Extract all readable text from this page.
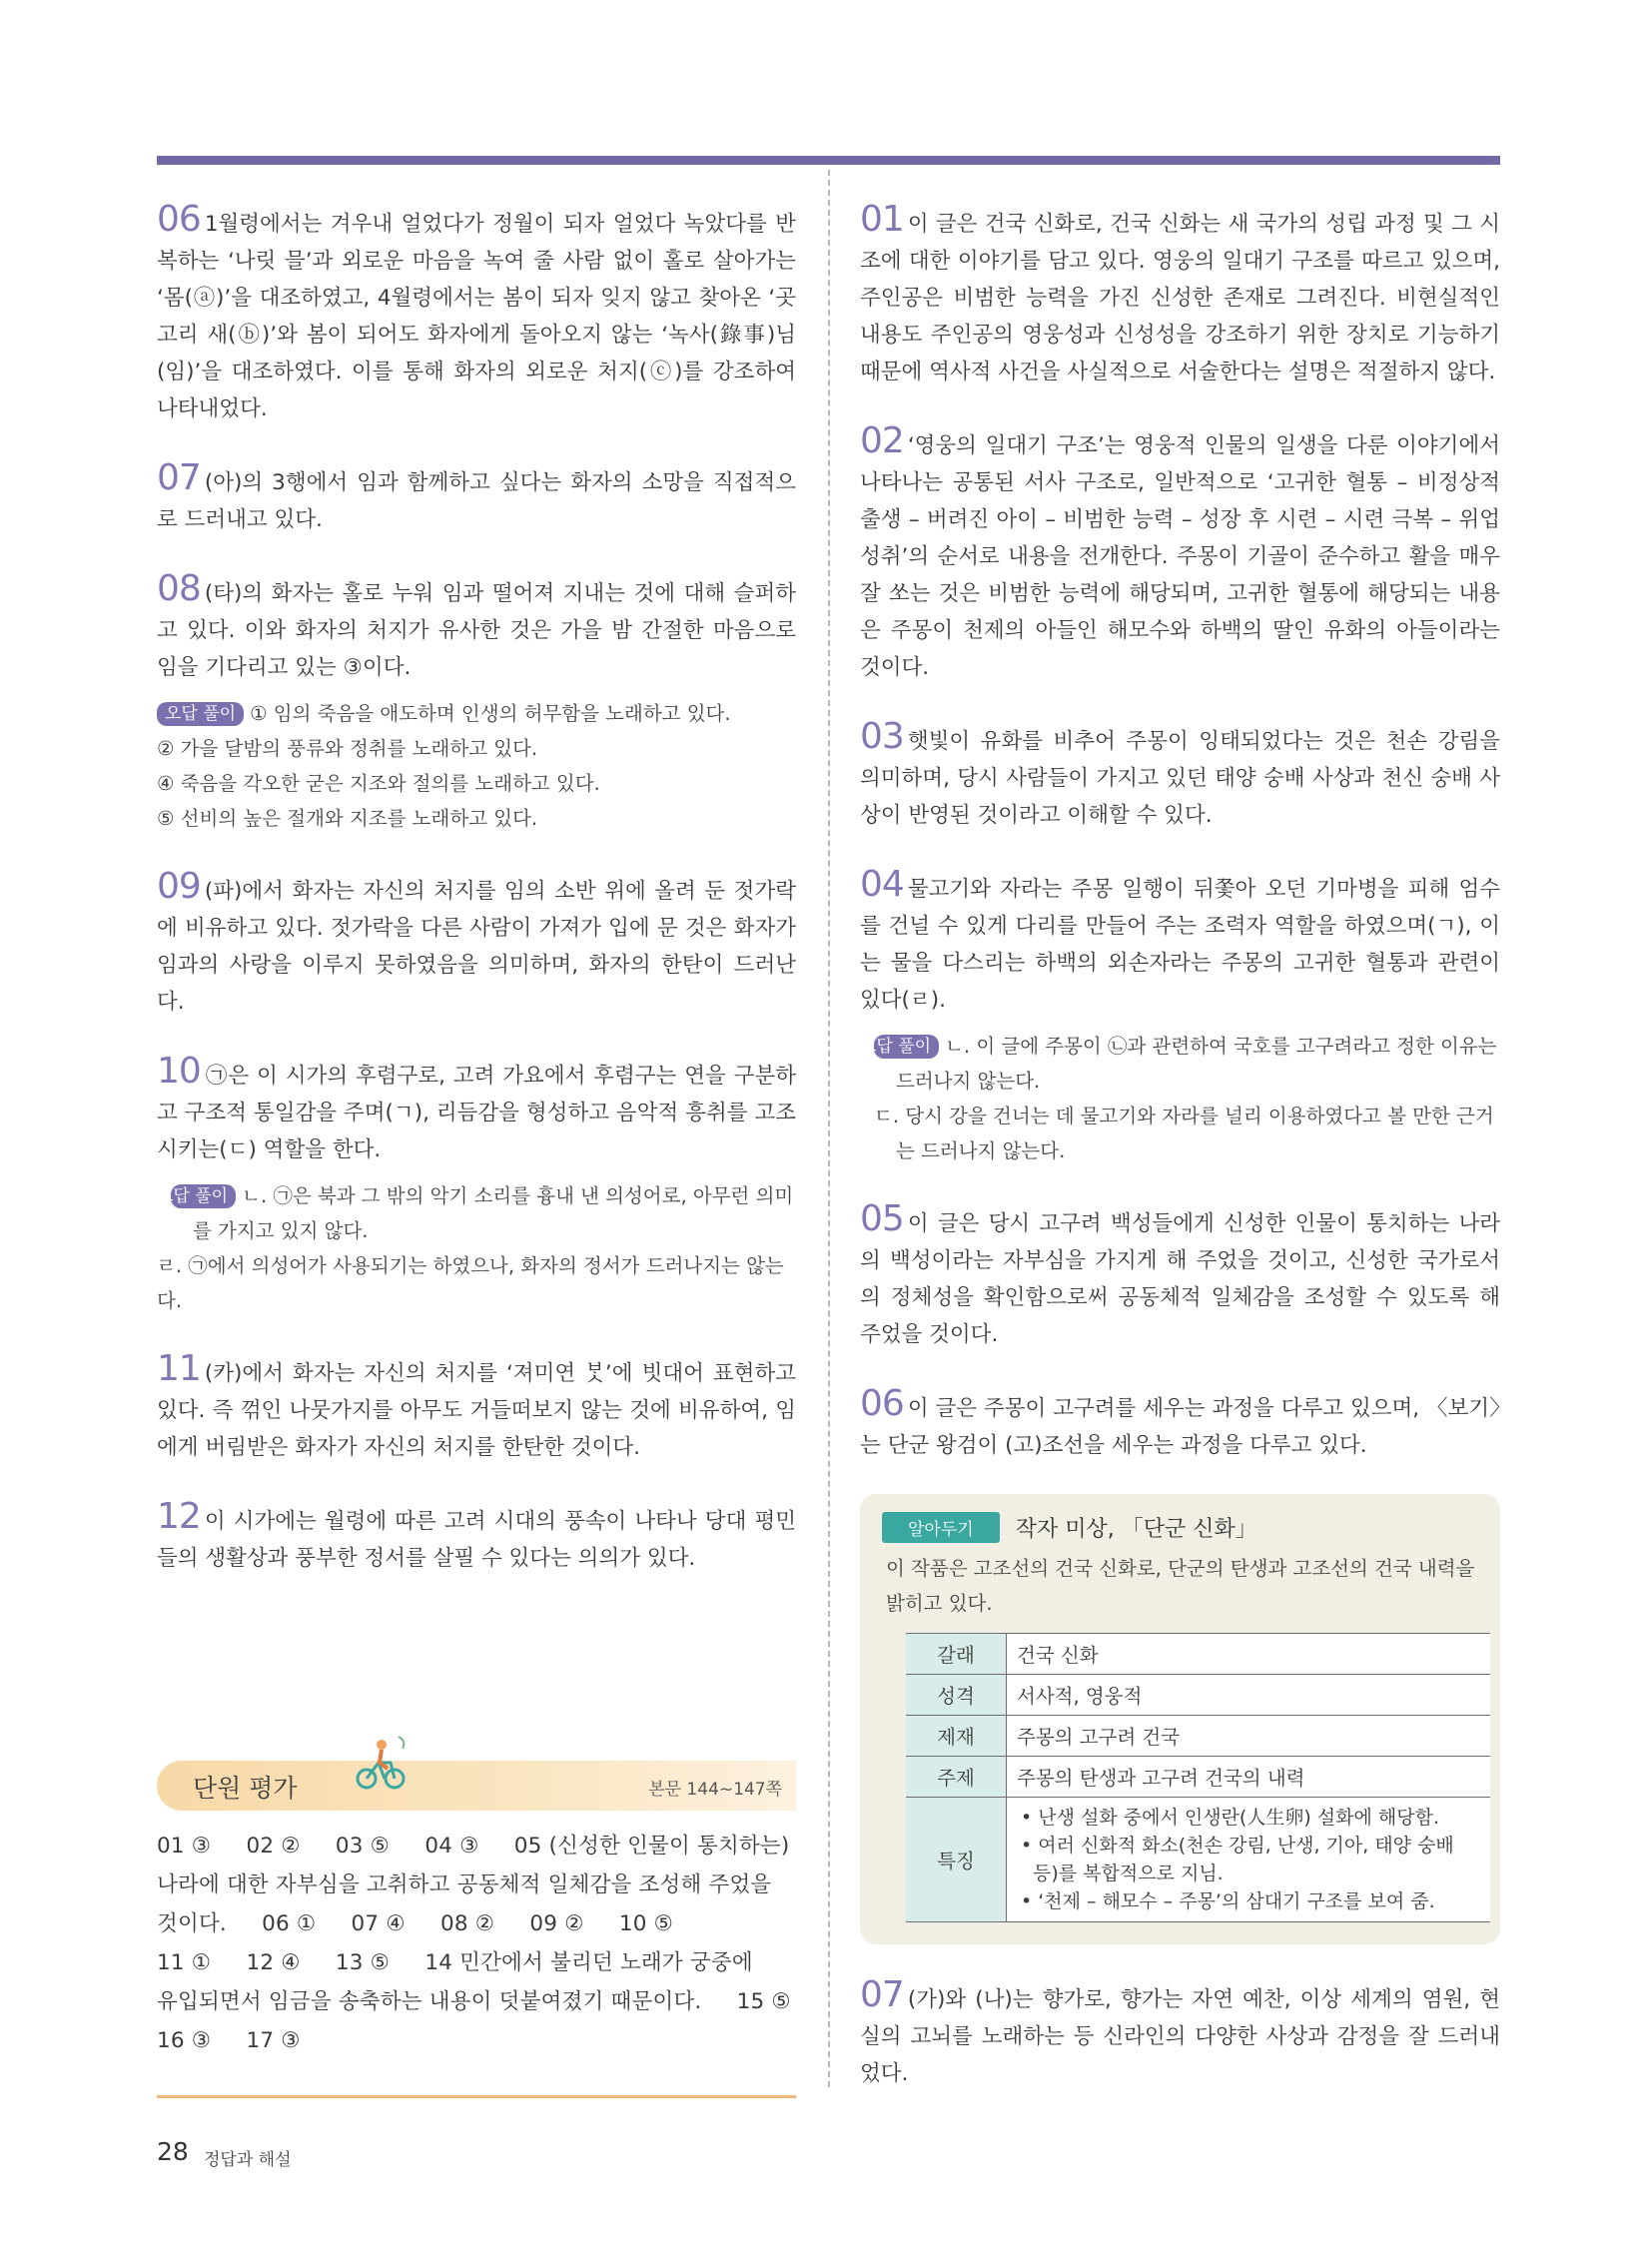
06 1월령에서는 겨우내 얼었다가 정월이 되자 얼었다 녹았다를 반복하는 ‘나릿 믈’과 외로운 마음을 녹여 줄 사람 없이 홀로 살아가는 ‘몸(ⓐ)’을 대조하였고, 4월령에서는 봄이 되자 잊지 않고 찾아온 ‘곳고리 새(ⓑ)’와 봄이 되어도 화자에게 돌아오지 않는 ‘녹사(錄事)님(임)’을 대조하였다. 이를 통해 화자의 외로운 처지(ⓒ)를 강조하여 나타내었다.
07 (아)의 3행에서 임과 함께하고 싶다는 화자의 소망을 직접적으로 드러내고 있다.
08 (타)의 화자는 홀로 누워 임과 떨어져 지내는 것에 대해 슬퍼하고 있다. 이와 화자의 처지가 유사한 것은 가을 밤 간절한 마음으로 임을 기다리고 있는 ③이다.

오답 풀이 ① 임의 죽음을 애도하며 인생의 허무함을 노래하고 있다.

② 가을 달밤의 풍류와 정취를 노래하고 있다.

④ 죽음을 각오한 굳은 지조와 절의를 노래하고 있다.

⑤ 선비의 높은 절개와 지조를 노래하고 있다.

09 (파)에서 화자는 자신의 처지를 임의 소반 위에 올려 둔 젓가락에 비유하고 있다. 젓가락을 다른 사람이 가져가 입에 문 것은 화자가 임과의 사랑을 이루지 못하였음을 의미하며, 화자의 한탄이 드러난다.
10 ㉠은 이 시가의 후렴구로, 고려 가요에서 후렴구는 연을 구분하고 구조적 통일감을 주며(ㄱ), 리듬감을 형성하고 음악적 흥취를 고조시키는(ㄷ) 역할을 한다.

오답 풀이 ㄴ. ㉠은 북과 그 밖의 악기 소리를 흉내 낸 의성어로, 아무런 의미를 가지고 있지 않다.

ㄹ. ㉠에서 의성어가 사용되기는 하였으나, 화자의 정서가 드러나지는 않는다.

11 (카)에서 화자는 자신의 처지를 ‘져미연 ᄇᆞᆺ’에 빗대어 표현하고 있다. 즉 꺾인 나뭇가지를 아무도 거들떠보지 않는 것에 비유하여, 임에게 버림받은 화자가 자신의 처지를 한탄한 것이다.
12 이 시가에는 월령에 따른 고려 시대의 풍속이 나타나 당대 평민들의 생활상과 풍부한 정서를 살필 수 있다는 의의가 있다.
단원 평가	본문 144~147쪽
01 ③     02 ②     03 ⑤     04 ③     05 (신성한 인물이 통치하는) 나라에 대한 자부심을 고취하고 공동체적 일체감을 조성해 주었을
것이다.     06 ①     07 ④     08 ②     09 ②     10 ⑤
11 ①     12 ④     13 ⑤     14 민간에서 불리던 노래가 궁중에
유입되면서 임금을 송축하는 내용이 덧붙여졌기 때문이다.     15 ⑤
16 ③     17 ③
01 이 글은 건국 신화로, 건국 신화는 새 국가의 성립 과정 및 그 시조에 대한 이야기를 담고 있다. 영웅의 일대기 구조를 따르고 있으며, 주인공은 비범한 능력을 가진 신성한 존재로 그려진다. 비현실적인 내용도 주인공의 영웅성과 신성성을 강조하기 위한 장치로 기능하기 때문에 역사적 사건을 사실적으로 서술한다는 설명은 적절하지 않다.
02 ‘영웅의 일대기 구조’는 영웅적 인물의 일생을 다룬 이야기에서 나타나는 공통된 서사 구조로, 일반적으로 ‘고귀한 혈통 – 비정상적 출생 – 버려진 아이 – 비범한 능력 – 성장 후 시련 – 시련 극복 – 위업 성취’의 순서로 내용을 전개한다. 주몽이 기골이 준수하고 활을 매우 잘 쏘는 것은 비범한 능력에 해당되며, 고귀한 혈통에 해당되는 내용은 주몽이 천제의 아들인 해모수와 하백의 딸인 유화의 아들이라는 것이다.
03 햇빛이 유화를 비추어 주몽이 잉태되었다는 것은 천손 강림을 의미하며, 당시 사람들이 가지고 있던 태양 숭배 사상과 천신 숭배 사상이 반영된 것이라고 이해할 수 있다.
04 물고기와 자라는 주몽 일행이 뒤쫓아 오던 기마병을 피해 엄수를 건널 수 있게 다리를 만들어 주는 조력자 역할을 하였으며(ㄱ), 이는 물을 다스리는 하백의 외손자라는 주몽의 고귀한 혈통과 관련이 있다(ㄹ).

오답 풀이 ㄴ. 이 글에 주몽이 ㉡과 관련하여 국호를 고구려라고 정한 이유는 드러나지 않는다.

ㄷ. 당시 강을 건너는 데 물고기와 자라를 널리 이용하였다고 볼 만한 근거는 드러나지 않는다.

05 이 글은 당시 고구려 백성들에게 신성한 인물이 통치하는 나라의 백성이라는 자부심을 가지게 해 주었을 것이고, 신성한 국가로서의 정체성을 확인함으로써 공동체적 일체감을 조성할 수 있도록 해 주었을 것이다.
06 이 글은 주몽이 고구려를 세우는 과정을 다루고 있으며, 〈보기〉는 단군 왕검이 (고)조선을 세우는 과정을 다루고 있다.
알아두기	작자 미상, 「단군 신화」
이 작품은 고조선의 건국 신화로, 단군의 탄생과 고조선의 건국 내력을 밝히고 있다.
갈래	건국 신화
성격	서사적, 영웅적
제재	주몽의 고구려 건국
주제	주몽의 탄생과 고구려 건국의 내력
특징	• 난생 설화 중에서 인생란(人生卵) 설화에 해당함.
• 여러 신화적 화소(천손 강림, 난생, 기아, 태양 숭배 등)를 복합적으로 지님.
• ‘천제 – 해모수 – 주몽’의 삼대기 구조를 보여 줌.
07 (가)와 (나)는 향가로, 향가는 자연 예찬, 이상 세계의 염원, 현실의 고뇌를 노래하는 등 신라인의 다양한 사상과 감정을 잘 드러내었다.
28 정답과 해설
